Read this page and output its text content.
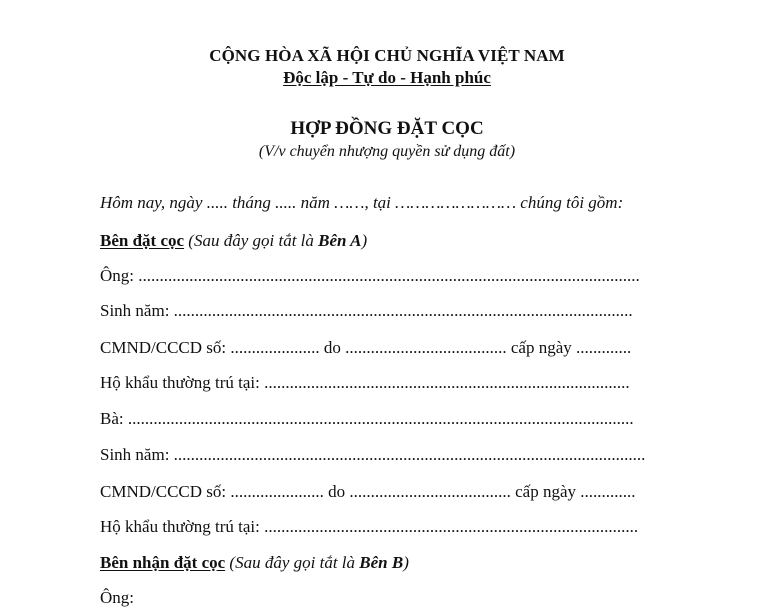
CỘNG HÒA XÃ HỘI CHỦ NGHĨA VIỆT NAM
Độc lập - Tự do - Hạnh phúc
HỢP ĐỒNG ĐẶT CỌC
(V/v chuyển nhượng quyền sử dụng đất)
Hôm nay, ngày ..... tháng ..... năm ……, tại …………………… chúng tôi gồm:
Bên đặt cọc (Sau đây gọi tắt là Bên A)
Ông: ......................................................................................................................
Sinh năm: ............................................................................................................
CMND/CCCD số: ..................... do ...................................... cấp ngày .............
Hộ khẩu thường trú tại: ......................................................................................
Bà: .......................................................................................................................
Sinh năm: ...............................................................................................................
CMND/CCCD số: ...................... do ...................................... cấp ngày .............
Hộ khẩu thường trú tại: ........................................................................................
Bên nhận đặt cọc (Sau đây gọi tắt là Bên B)
Ông:
